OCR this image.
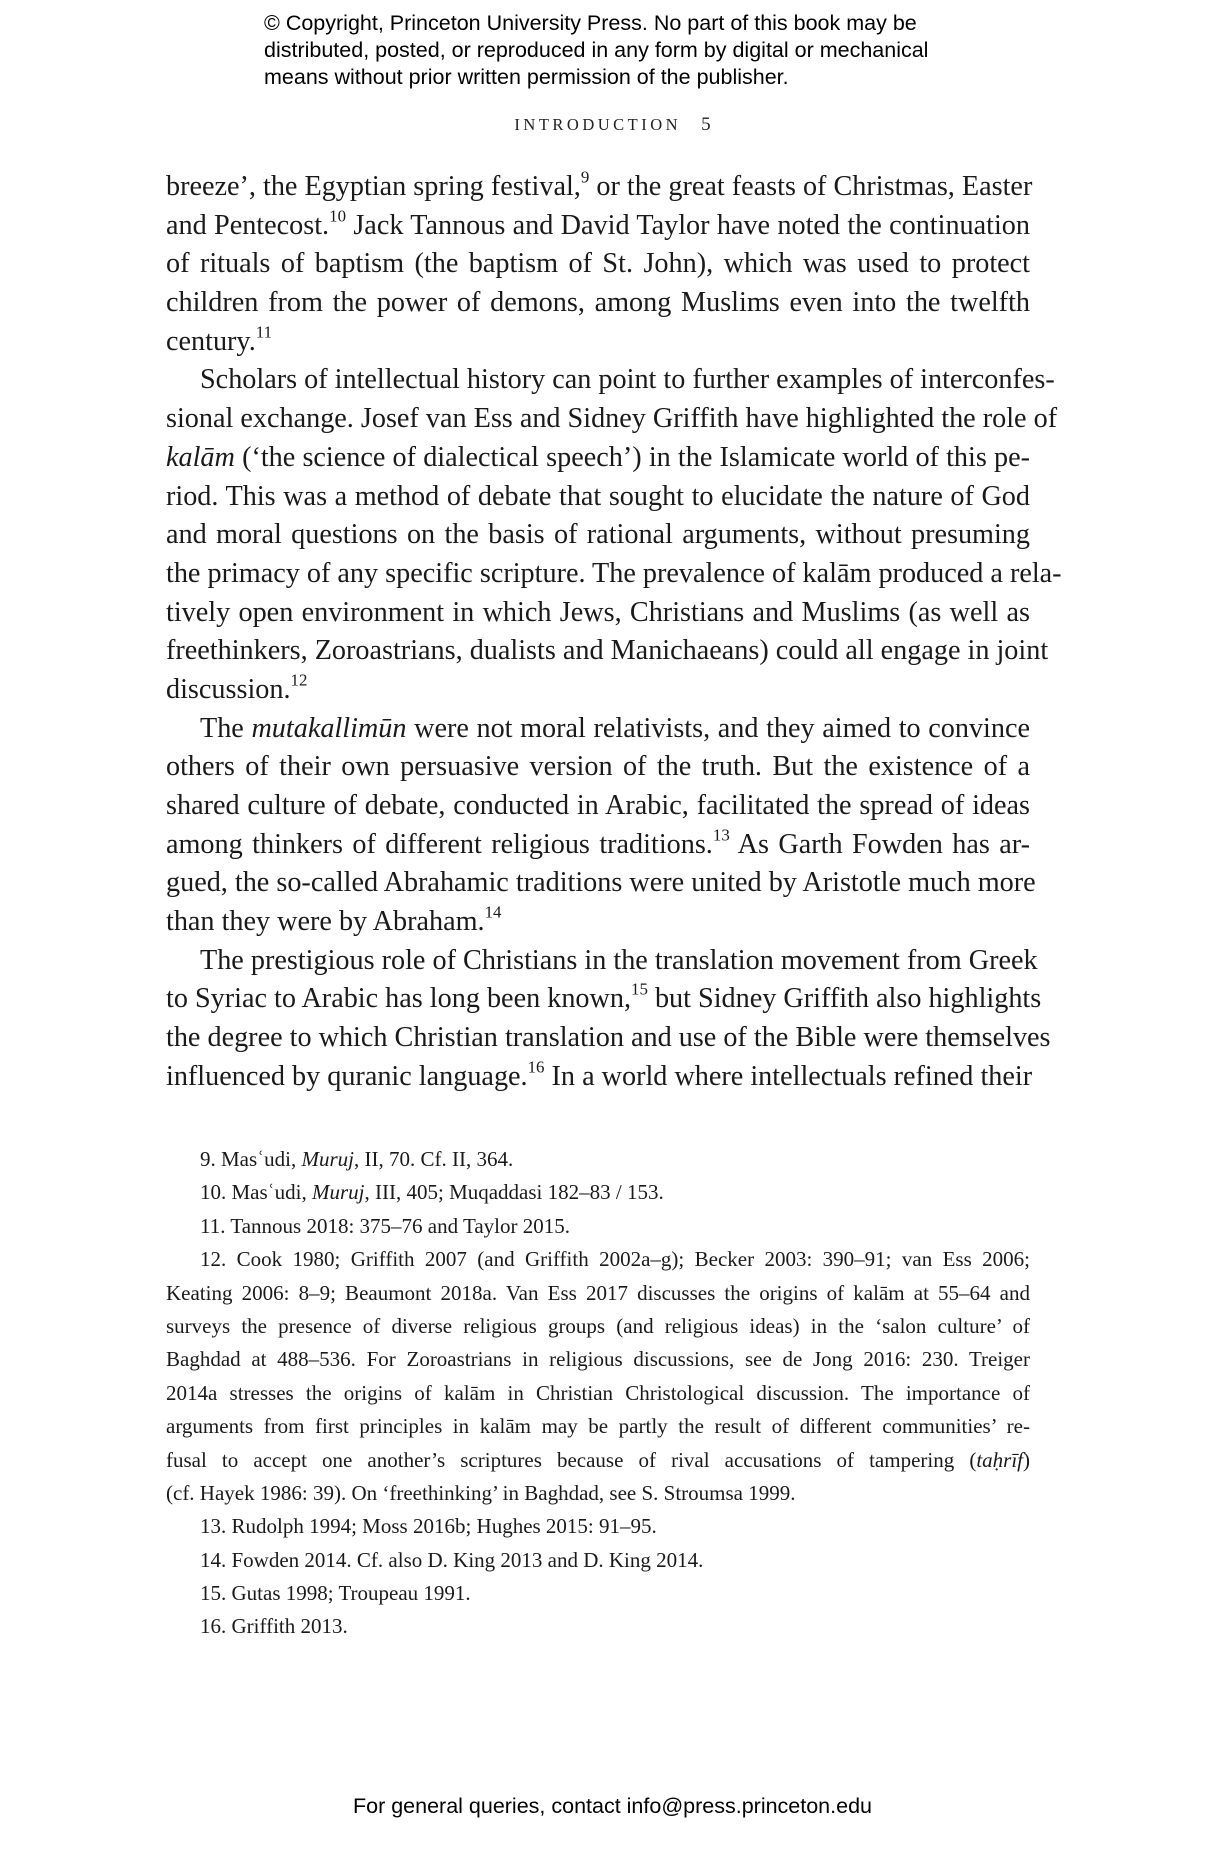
© Copyright, Princeton University Press. No part of this book may be
distributed, posted, or reproduced in any form by digital or mechanical
means without prior written permission of the publisher.
INTRODUCTION 5
breeze’, the Egyptian spring festival,$^9$ or the great feasts of Christmas, Easter
and Pentecost.$^{10}$ Jack Tannous and David Taylor have noted the continuation
of rituals of baptism (the baptism of St. John), which was used to protect
children from the power of demons, among Muslims even into the twelfth
century.$^{11}$
Scholars of intellectual history can point to further examples of interconfes-
sional exchange. Josef van Ess and Sidney Griffith have highlighted the role of
kalām (‘the science of dialectical speech’) in the Islamicate world of this pe-
riod. This was a method of debate that sought to elucidate the nature of God
and moral questions on the basis of rational arguments, without presuming
the primacy of any specific scripture. The prevalence of kalām produced a rela-
tively open environment in which Jews, Christians and Muslims (as well as
freethinkers, Zoroastrians, dualists and Manichaeans) could all engage in joint
discussion.$^{12}$
The mutakallimūn were not moral relativists, and they aimed to convince
others of their own persuasive version of the truth. But the existence of a
shared culture of debate, conducted in Arabic, facilitated the spread of ideas
among thinkers of different religious traditions.$^{13}$ As Garth Fowden has ar-
gued, the so-called Abrahamic traditions were united by Aristotle much more
than they were by Abraham.$^{14}$
The prestigious role of Christians in the translation movement from Greek
to Syriac to Arabic has long been known,$^{15}$ but Sidney Griffith also highlights
the degree to which Christian translation and use of the Bible were themselves
influenced by quranic language.$^{16}$ In a world where intellectuals refined their
9. Masʿudi, Muruj, II, 70. Cf. II, 364.
10. Masʿudi, Muruj, III, 405; Muqaddasi 182–83 / 153.
11. Tannous 2018: 375–76 and Taylor 2015.
12. Cook 1980; Griffith 2007 (and Griffith 2002a–g); Becker 2003: 390–91; van Ess 2006;
Keating 2006: 8–9; Beaumont 2018a. Van Ess 2017 discusses the origins of kalām at 55–64 and
surveys the presence of diverse religious groups (and religious ideas) in the ‘salon culture’ of
Baghdad at 488–536. For Zoroastrians in religious discussions, see de Jong 2016: 230. Treiger
2014a stresses the origins of kalām in Christian Christological discussion. The importance of
arguments from first principles in kalām may be partly the result of different communities’ re-
fusal to accept one another’s scriptures because of rival accusations of tampering (taḥrīf)
(cf. Hayek 1986: 39). On ‘freethinking’ in Baghdad, see S. Stroumsa 1999.
13. Rudolph 1994; Moss 2016b; Hughes 2015: 91–95.
14. Fowden 2014. Cf. also D. King 2013 and D. King 2014.
15. Gutas 1998; Troupeau 1991.
16. Griffith 2013.
For general queries, contact info@press.princeton.edu
